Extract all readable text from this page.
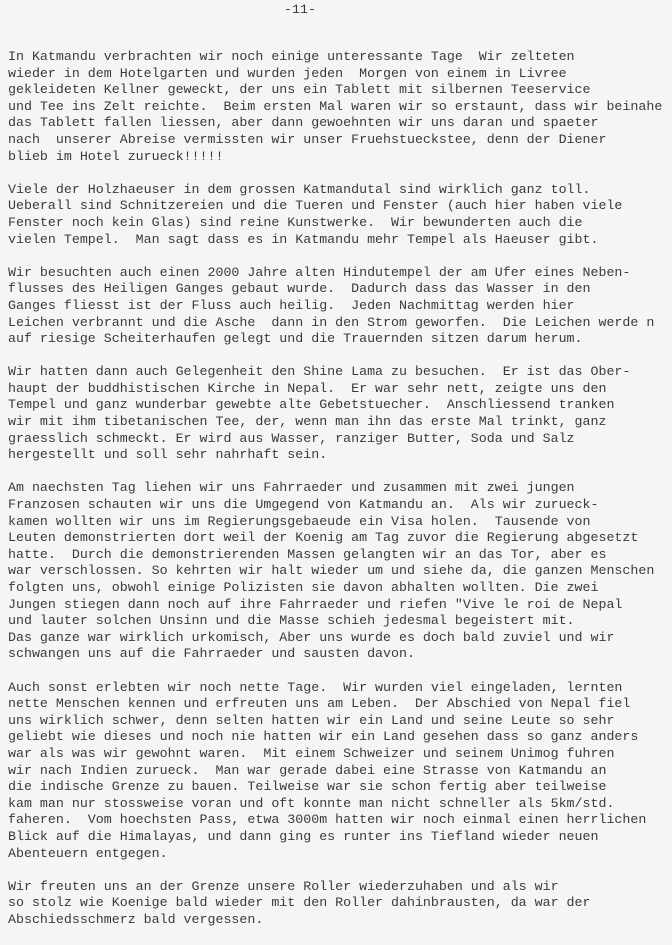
-11-
In Katmandu verbrachten wir noch einige unteressante Tage  Wir zelteten
wieder in dem Hotelgarten und wurden jeden  Morgen von einem in Livree
gekleideten Kellner geweckt, der uns ein Tablett mit silbernen Teeservice
und Tee ins Zelt reichte.  Beim ersten Mal waren wir so erstaunt, dass wir beinahe
das Tablett fallen liessen, aber dann gewoehnten wir uns daran und spaeter
nach  unserer Abreise vermissten wir unser Fruehstueckstee, denn der Diener
blieb im Hotel zurueck!!!!!
Viele der Holzhaeuser in dem grossen Katmandutal sind wirklich ganz toll.
Ueberall sind Schnitzereien und die Tueren und Fenster (auch hier haben viele
Fenster noch kein Glas) sind reine Kunstwerke.  Wir bewunderten auch die
vielen Tempel.  Man sagt dass es in Katmandu mehr Tempel als Haeuser gibt.
Wir besuchten auch einen 2000 Jahre alten Hindutempel der am Ufer eines Neben-
flusses des Heiligen Ganges gebaut wurde.  Dadurch dass das Wasser in den
Ganges fliesst ist der Fluss auch heilig.  Jeden Nachmittag werden hier
Leichen verbrannt und die Asche  dann in den Strom geworfen.  Die Leichen werde n
auf riesige Scheiterhaufen gelegt und die Trauernden sitzen darum herum.
Wir hatten dann auch Gelegenheit den Shine Lama zu besuchen.  Er ist das Ober-
haupt der buddhistischen Kirche in Nepal.  Er war sehr nett, zeigte uns den
Tempel und ganz wunderbar gewebte alte Gebetstuecher.  Anschliessend tranken
wir mit ihm tibetanischen Tee, der, wenn man ihn das erste Mal trinkt, ganz
graesslich schmeckt. Er wird aus Wasser, ranziger Butter, Soda und Salz
hergestellt und soll sehr nahrhaft sein.
Am naechsten Tag liehen wir uns Fahrraeder und zusammen mit zwei jungen
Franzosen schauten wir uns die Umgegend von Katmandu an.  Als wir zurueck-
kamen wollten wir uns im Regierungsgebaeude ein Visa holen.  Tausende von
Leuten demonstrierten dort weil der Koenig am Tag zuvor die Regierung abgesetzt
hatte.  Durch die demonstrierenden Massen gelangten wir an das Tor, aber es
war verschlossen. So kehrten wir halt wieder um und siehe da, die ganzen Menschen
folgten uns, obwohl einige Polizisten sie davon abhalten wollten. Die zwei
Jungen stiegen dann noch auf ihre Fahrraeder und riefen "Vive le roi de Nepal
und lauter solchen Unsinn und die Masse schieh jedesmal begeistert mit.
Das ganze war wirklich urkomisch, Aber uns wurde es doch bald zuviel und wir
schwangen uns auf die Fahrraeder und sausten davon.
Auch sonst erlebten wir noch nette Tage.  Wir wurden viel eingeladen, lernten
nette Menschen kennen und erfreuten uns am Leben.  Der Abschied von Nepal fiel
uns wirklich schwer, denn selten hatten wir ein Land und seine Leute so sehr
geliebt wie dieses und noch nie hatten wir ein Land gesehen dass so ganz anders
war als was wir gewohnt waren.  Mit einem Schweizer und seinem Unimog fuhren
wir nach Indien zurueck.  Man war gerade dabei eine Strasse von Katmandu an
die indische Grenze zu bauen. Teilweise war sie schon fertig aber teilweise
kam man nur stossweise voran und oft konnte man nicht schneller als 5km/std.
faheren.  Vom hoechsten Pass, etwa 3000m hatten wir noch einmal einen herrlichen
Blick auf die Himalayas, und dann ging es runter ins Tiefland wieder neuen
Abenteuern entgegen.
Wir freuten uns an der Grenze unsere Roller wiederzuhaben und als wir
so stolz wie Koenige bald wieder mit den Roller dahinbrausten, da war der
Abschiedsschmerz bald vergessen.
